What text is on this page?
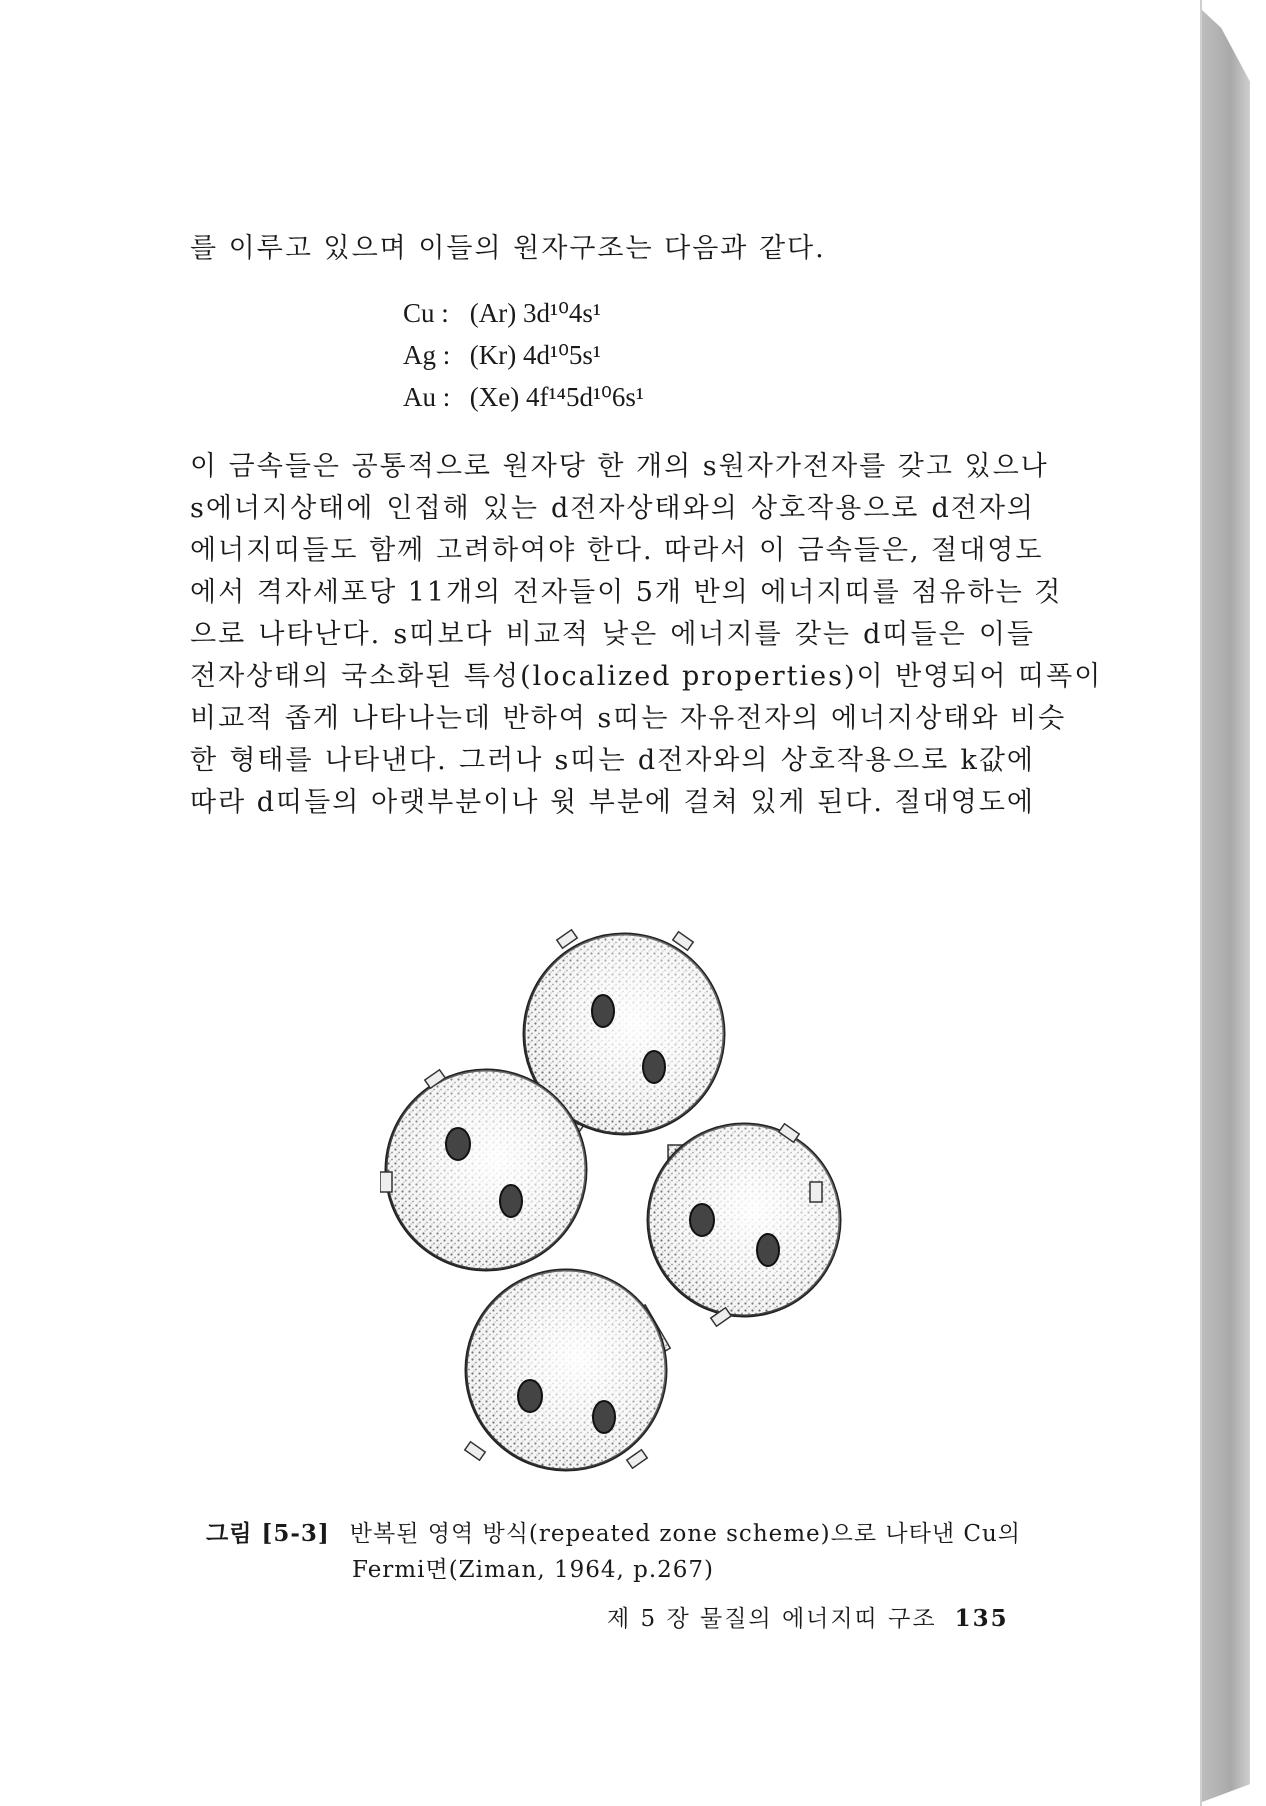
를 이루고 있으며 이들의 원자구조는 다음과 같다.
Cu : (Ar) 3d¹⁰4s¹
Ag : (Kr) 4d¹⁰5s¹
Au : (Xe) 4f¹⁴5d¹⁰6s¹
이 금속들은 공통적으로 원자당 한 개의 s원자가전자를 갖고 있으나
s에너지상태에 인접해 있는 d전자상태와의 상호작용으로 d전자의
에너지띠들도 함께 고려하여야 한다. 따라서 이 금속들은, 절대영도
에서 격자세포당 11개의 전자들이 5개 반의 에너지띠를 점유하는 것
으로 나타난다. s띠보다 비교적 낮은 에너지를 갖는 d띠들은 이들
전자상태의 국소화된 특성(localized properties)이 반영되어 띠폭이
비교적 좁게 나타나는데 반하여 s띠는 자유전자의 에너지상태와 비슷
한 형태를 나타낸다. 그러나 s띠는 d전자와의 상호작용으로 k값에
따라 d띠들의 아랫부분이나 윗 부분에 걸쳐 있게 된다. 절대영도에
그림 [5-3] 반복된 영역 방식(repeated zone scheme)으로 나타낸 Cu의
Fermi면(Ziman, 1964, p.267)
제 5 장 물질의 에너지띠 구조 135
